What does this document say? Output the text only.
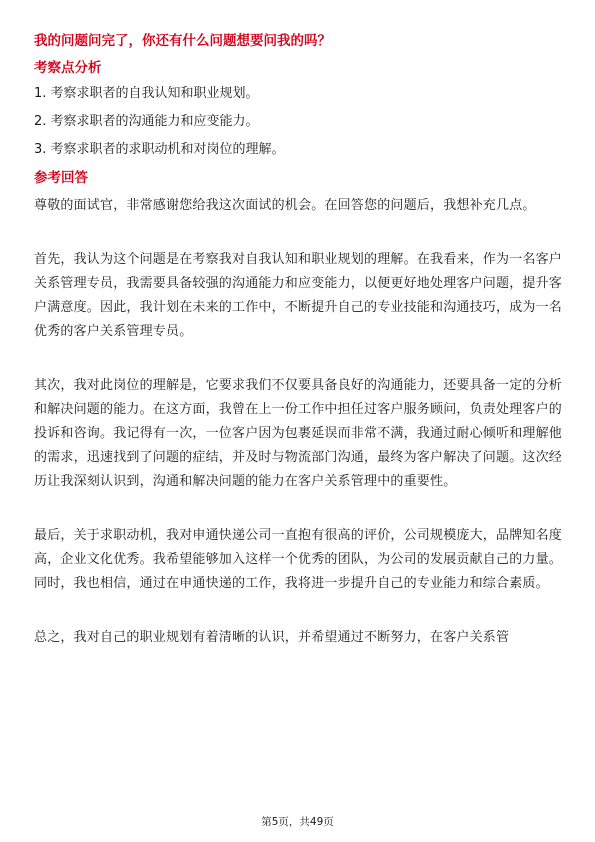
我的问题问完了，你还有什么问题想要问我的吗？
考察点分析
1. 考察求职者的自我认知和职业规划。
2. 考察求职者的沟通能力和应变能力。
3. 考察求职者的求职动机和对岗位的理解。
参考回答

尊敬的面试官，非常感谢您给我这次面试的机会。在回答您的问题后，我想补充几点。

首先，我认为这个问题是在考察我对自我认知和职业规划的理解。在我看来，作为一名客户关系管理专员，我需要具备较强的沟通能力和应变能力，以便更好地处理客户问题，提升客户满意度。因此，我计划在未来的工作中，不断提升自己的专业技能和沟通技巧，成为一名优秀的客户关系管理专员。

其次，我对此岗位的理解是，它要求我们不仅要具备良好的沟通能力，还要具备一定的分析和解决问题的能力。在这方面，我曾在上一份工作中担任过客户服务顾问，负责处理客户的投诉和咨询。我记得有一次，一位客户因为包裹延误而非常不满，我通过耐心倾听和理解他的需求，迅速找到了问题的症结，并及时与物流部门沟通，最终为客户解决了问题。这次经历让我深刻认识到，沟通和解决问题的能力在客户关系管理中的重要性。

最后，关于求职动机，我对申通快递公司一直抱有很高的评价，公司规模庞大，品牌知名度高，企业文化优秀。我希望能够加入这样一个优秀的团队，为公司的发展贡献自己的力量。同时，我也相信，通过在申通快递的工作，我将进一步提升自己的专业能力和综合素质。

总之，我对自己的职业规划有着清晰的认识，并希望通过不断努力，在客户关系管

第5页，共49页
